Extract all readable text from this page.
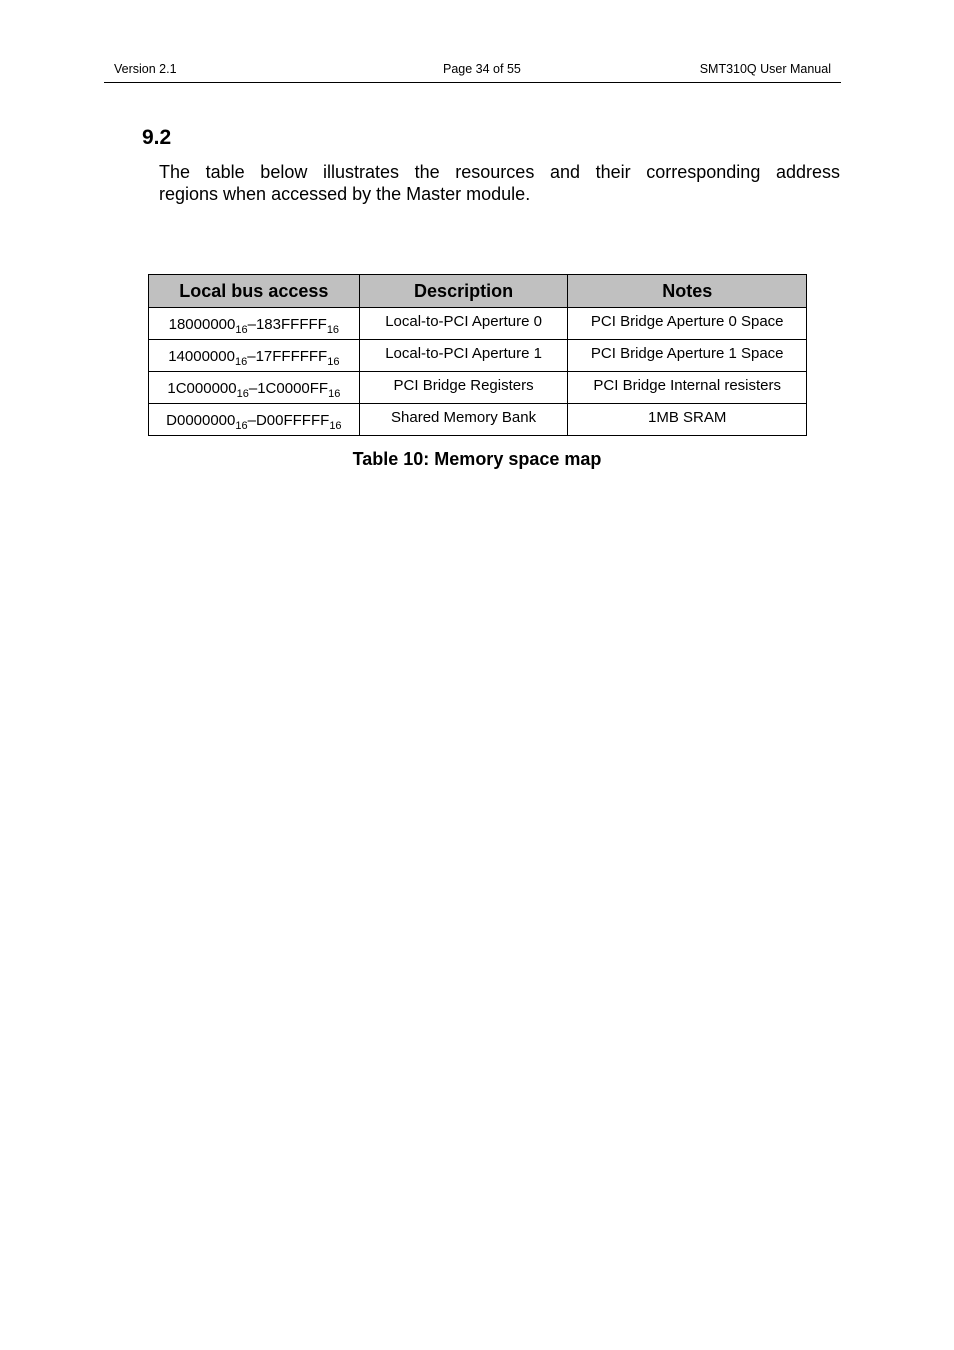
Version 2.1	Page 34 of 55	SMT310Q User Manual
9.2

The table below illustrates the resources and their corresponding address
regions when accessed by the Master module.

Local bus access	Description	Notes
$18000000_{16}-183FFFFF_{16}$	Local-to-PCI Aperture 0	PCI Bridge Aperture 0 Space
$14000000_{16}-17FFFFFF_{16}$	Local-to-PCI Aperture 1	PCI Bridge Aperture 1 Space
$1C000000_{16}-1C0000FF_{16}$	PCI Bridge Registers	PCI Bridge Internal resisters
$D0000000_{16}-D00FFFFF_{16}$	Shared Memory Bank	1MB SRAM

Table 10: Memory space map
